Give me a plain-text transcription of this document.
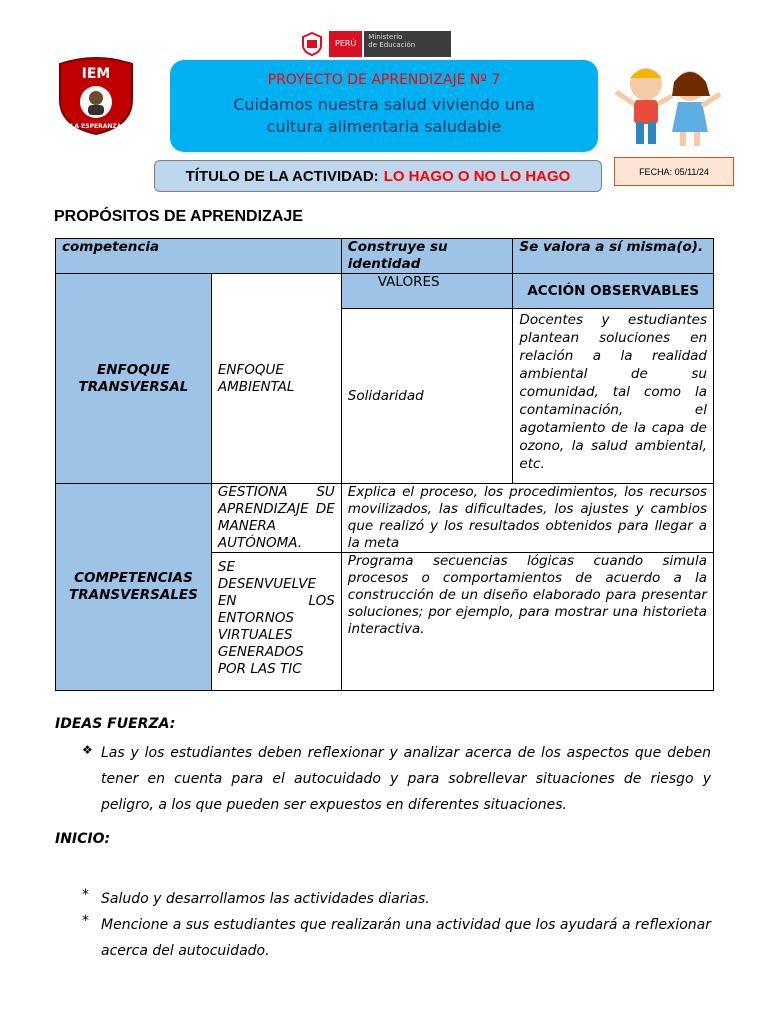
PERÚ
Ministerio
de Educación
IEM
LA ESPERANZA
PROYECTO DE APRENDIZAJE Nº 7
Cuidamos nuestra salud viviendo una
cultura alimentaria saludable
TÍTULO DE LA ACTIVIDAD: LO HAGO O NO LO HAGO	FECHA: 05/11/24
PROPÓSITOS DE APRENDIZAJE
competencia		Construye su identidad	Se valora a sí misma(o).
ENFOQUE TRANSVERSAL	ENFOQUE AMBIENTAL	VALORES	ACCIÓN OBSERVABLES
		Solidaridad	Docentes y estudiantes plantean soluciones en relación a la realidad ambiental de su comunidad, tal como la contaminación, el agotamiento de la capa de ozono, la salud ambiental, etc.
COMPETENCIAS TRANSVERSALES	GESTIONA SU APRENDIZAJE DE MANERA AUTÓNOMA.	Explica el proceso, los procedimientos, los recursos movilizados, las dificultades, los ajustes y cambios que realizó y los resultados obtenidos para llegar a la meta	
	SE DESENVUELVE EN LOS ENTORNOS VIRTUALES GENERADOS POR LAS TIC	Programa secuencias lógicas cuando simula procesos o comportamientos de acuerdo a la construcción de un diseño elaborado para presentar soluciones; por ejemplo, para mostrar una historieta interactiva.	
IDEAS FUERZA:
❖ Las y los estudiantes deben reflexionar y analizar acerca de los aspectos que deben tener en cuenta para el autocuidado y para sobrellevar situaciones de riesgo y peligro, a los que pueden ser expuestos en diferentes situaciones.
INICIO:
* Saludo y desarrollamos las actividades diarias.
* Mencione a sus estudiantes que realizarán una actividad que los ayudará a reflexionar acerca del autocuidado.
